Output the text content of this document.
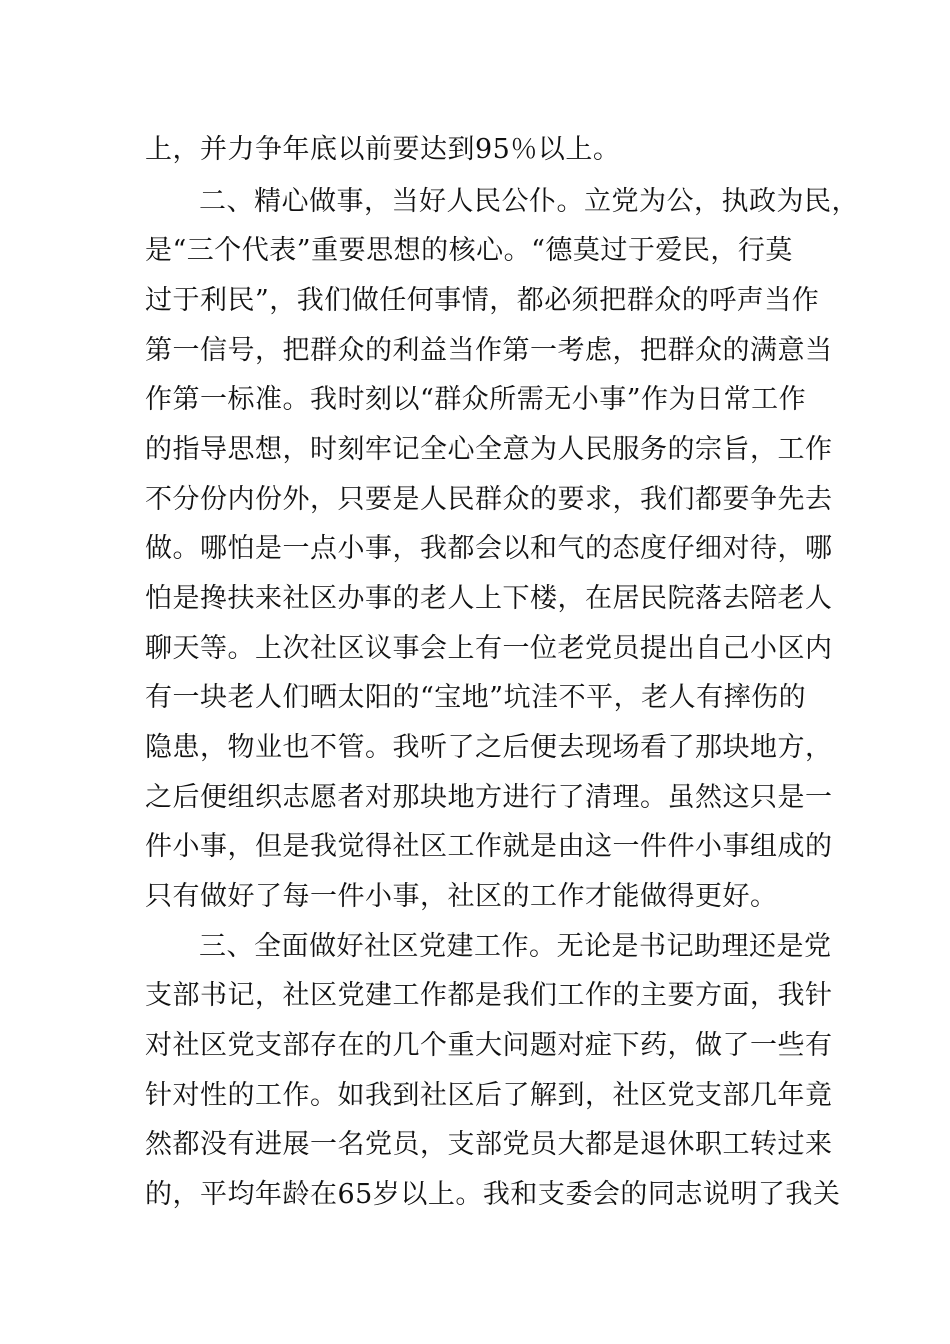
上，并力争年底以前要达到95％以上。
二、精心做事，当好人民公仆。立党为公，执政为民，
是“三个代表”重要思想的核心。“德莫过于爱民，行莫
过于利民”，我们做任何事情，都必须把群众的呼声当作
第一信号，把群众的利益当作第一考虑，把群众的满意当
作第一标准。我时刻以“群众所需无小事”作为日常工作
的指导思想，时刻牢记全心全意为人民服务的宗旨，工作
不分份内份外，只要是人民群众的要求，我们都要争先去
做。哪怕是一点小事，我都会以和气的态度仔细对待，哪
怕是搀扶来社区办事的老人上下楼，在居民院落去陪老人
聊天等。上次社区议事会上有一位老党员提出自己小区内
有一块老人们晒太阳的“宝地”坑洼不平，老人有摔伤的
隐患，物业也不管。我听了之后便去现场看了那块地方，
之后便组织志愿者对那块地方进行了清理。虽然这只是一
件小事，但是我觉得社区工作就是由这一件件小事组成的
只有做好了每一件小事，社区的工作才能做得更好。
三、全面做好社区党建工作。无论是书记助理还是党
支部书记，社区党建工作都是我们工作的主要方面，我针
对社区党支部存在的几个重大问题对症下药，做了一些有
针对性的工作。如我到社区后了解到，社区党支部几年竟
然都没有进展一名党员，支部党员大都是退休职工转过来
的，平均年龄在65岁以上。我和支委会的同志说明了我关
